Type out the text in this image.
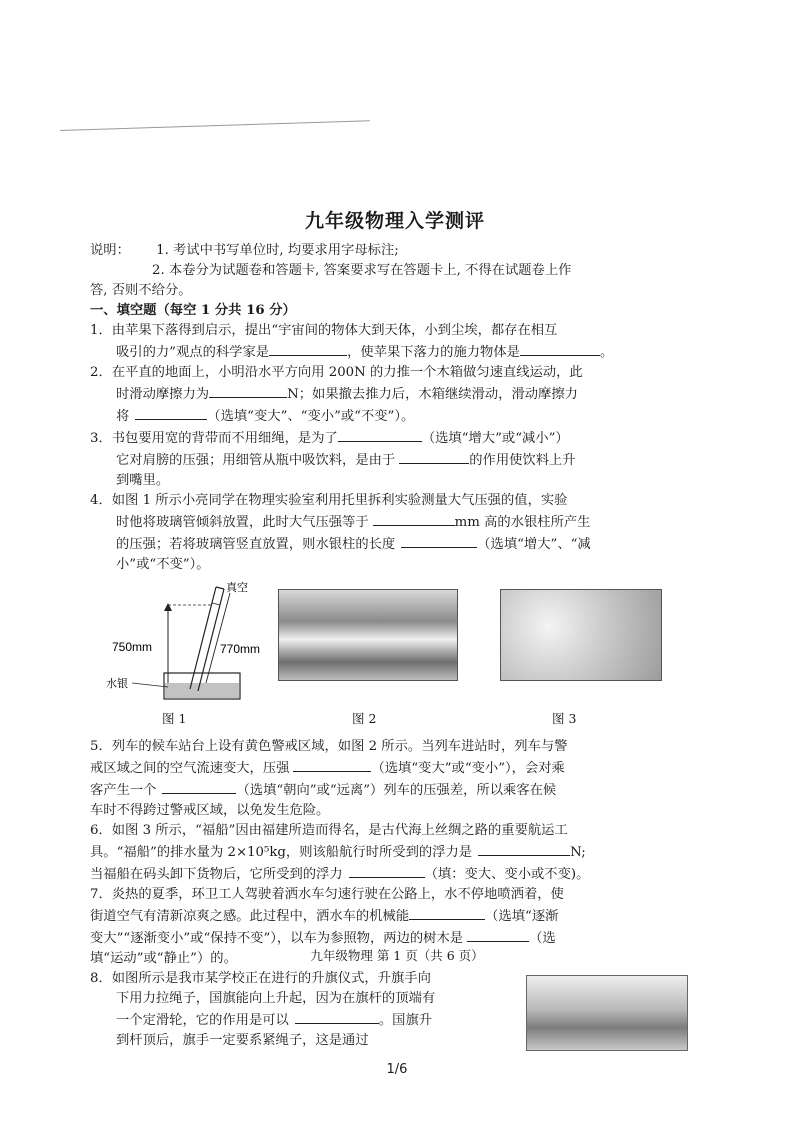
九年级物理入学测评

说明： 1. 考试中书写单位时, 均要求用字母标注;

2. 本卷分为试题卷和答题卡, 答案要求写在答题卡上, 不得在试题卷上作

答, 否则不给分。

一、填空题（每空 1 分共 16 分）

1．由苹果下落得到启示，提出“宇宙间的物体大到天体，小到尘埃，都存在相互

吸引的力”观点的科学家是	，使苹果下落力的施力物体是	。

2．在平直的地面上，小明沿水平方向用 200N 的力推一个木箱做匀速直线运动，此

时滑动摩擦力为	N；如果撤去推力后，木箱继续滑动，滑动摩擦力

将	（选填“变大”、“变小”或“不变”）。

3．书包要用宽的背带而不用细绳，是为了	（选填“增大”或“减小”）

它对肩膀的压强；用细管从瓶中吸饮料，是由于	的作用使饮料上升

到嘴里。

4．如图 1 所示小亮同学在物理实验室利用托里拆利实验测量大气压强的值，实验

时他将玻璃管倾斜放置，此时大气压强等于	mm 高的水银柱所产生

的压强；若将玻璃管竖直放置，则水银柱的长度	（选填“增大”、“减

小”或“不变”）。

真空
750mm	770mm
水银
图 1	图 2	图 3

5．列车的候车站台上设有黄色警戒区域，如图 2 所示。当列车进站时，列车与警

戒区域之间的空气流速变大，压强	（选填“变大”或“变小”），会对乘

客产生一个	（选填“朝向”或“远离”）列车的压强差，所以乘客在候

车时不得跨过警戒区域，以免发生危险。

6．如图 3 所示，“福船”因由福建所造而得名，是古代海上丝绸之路的重要航运工

具。“福船”的排水量为 2×10⁵kg，则该船航行时所受到的浮力是	N;

当福船在码头卸下货物后，它所受到的浮力	（填：变大、变小或不变)。

7．炎热的夏季，环卫工人驾驶着洒水车匀速行驶在公路上，水不停地喷洒着，使

街道空气有清新凉爽之感。此过程中，洒水车的机械能	（选填“逐渐

变大”“逐渐变小”或“保持不变”），以车为参照物，两边的树木是	（选

填“运动”或“静止”）的。

8．如图所示是我市某学校正在进行的升旗仪式，升旗手向

下用力拉绳子，国旗能向上升起，因为在旗杆的顶端有

一个定滑轮，它的作用是可以	。国旗升

到杆顶后，旗手一定要系紧绳子，这是通过

九年级物理 第 1 页（共 6 页）
1/6
